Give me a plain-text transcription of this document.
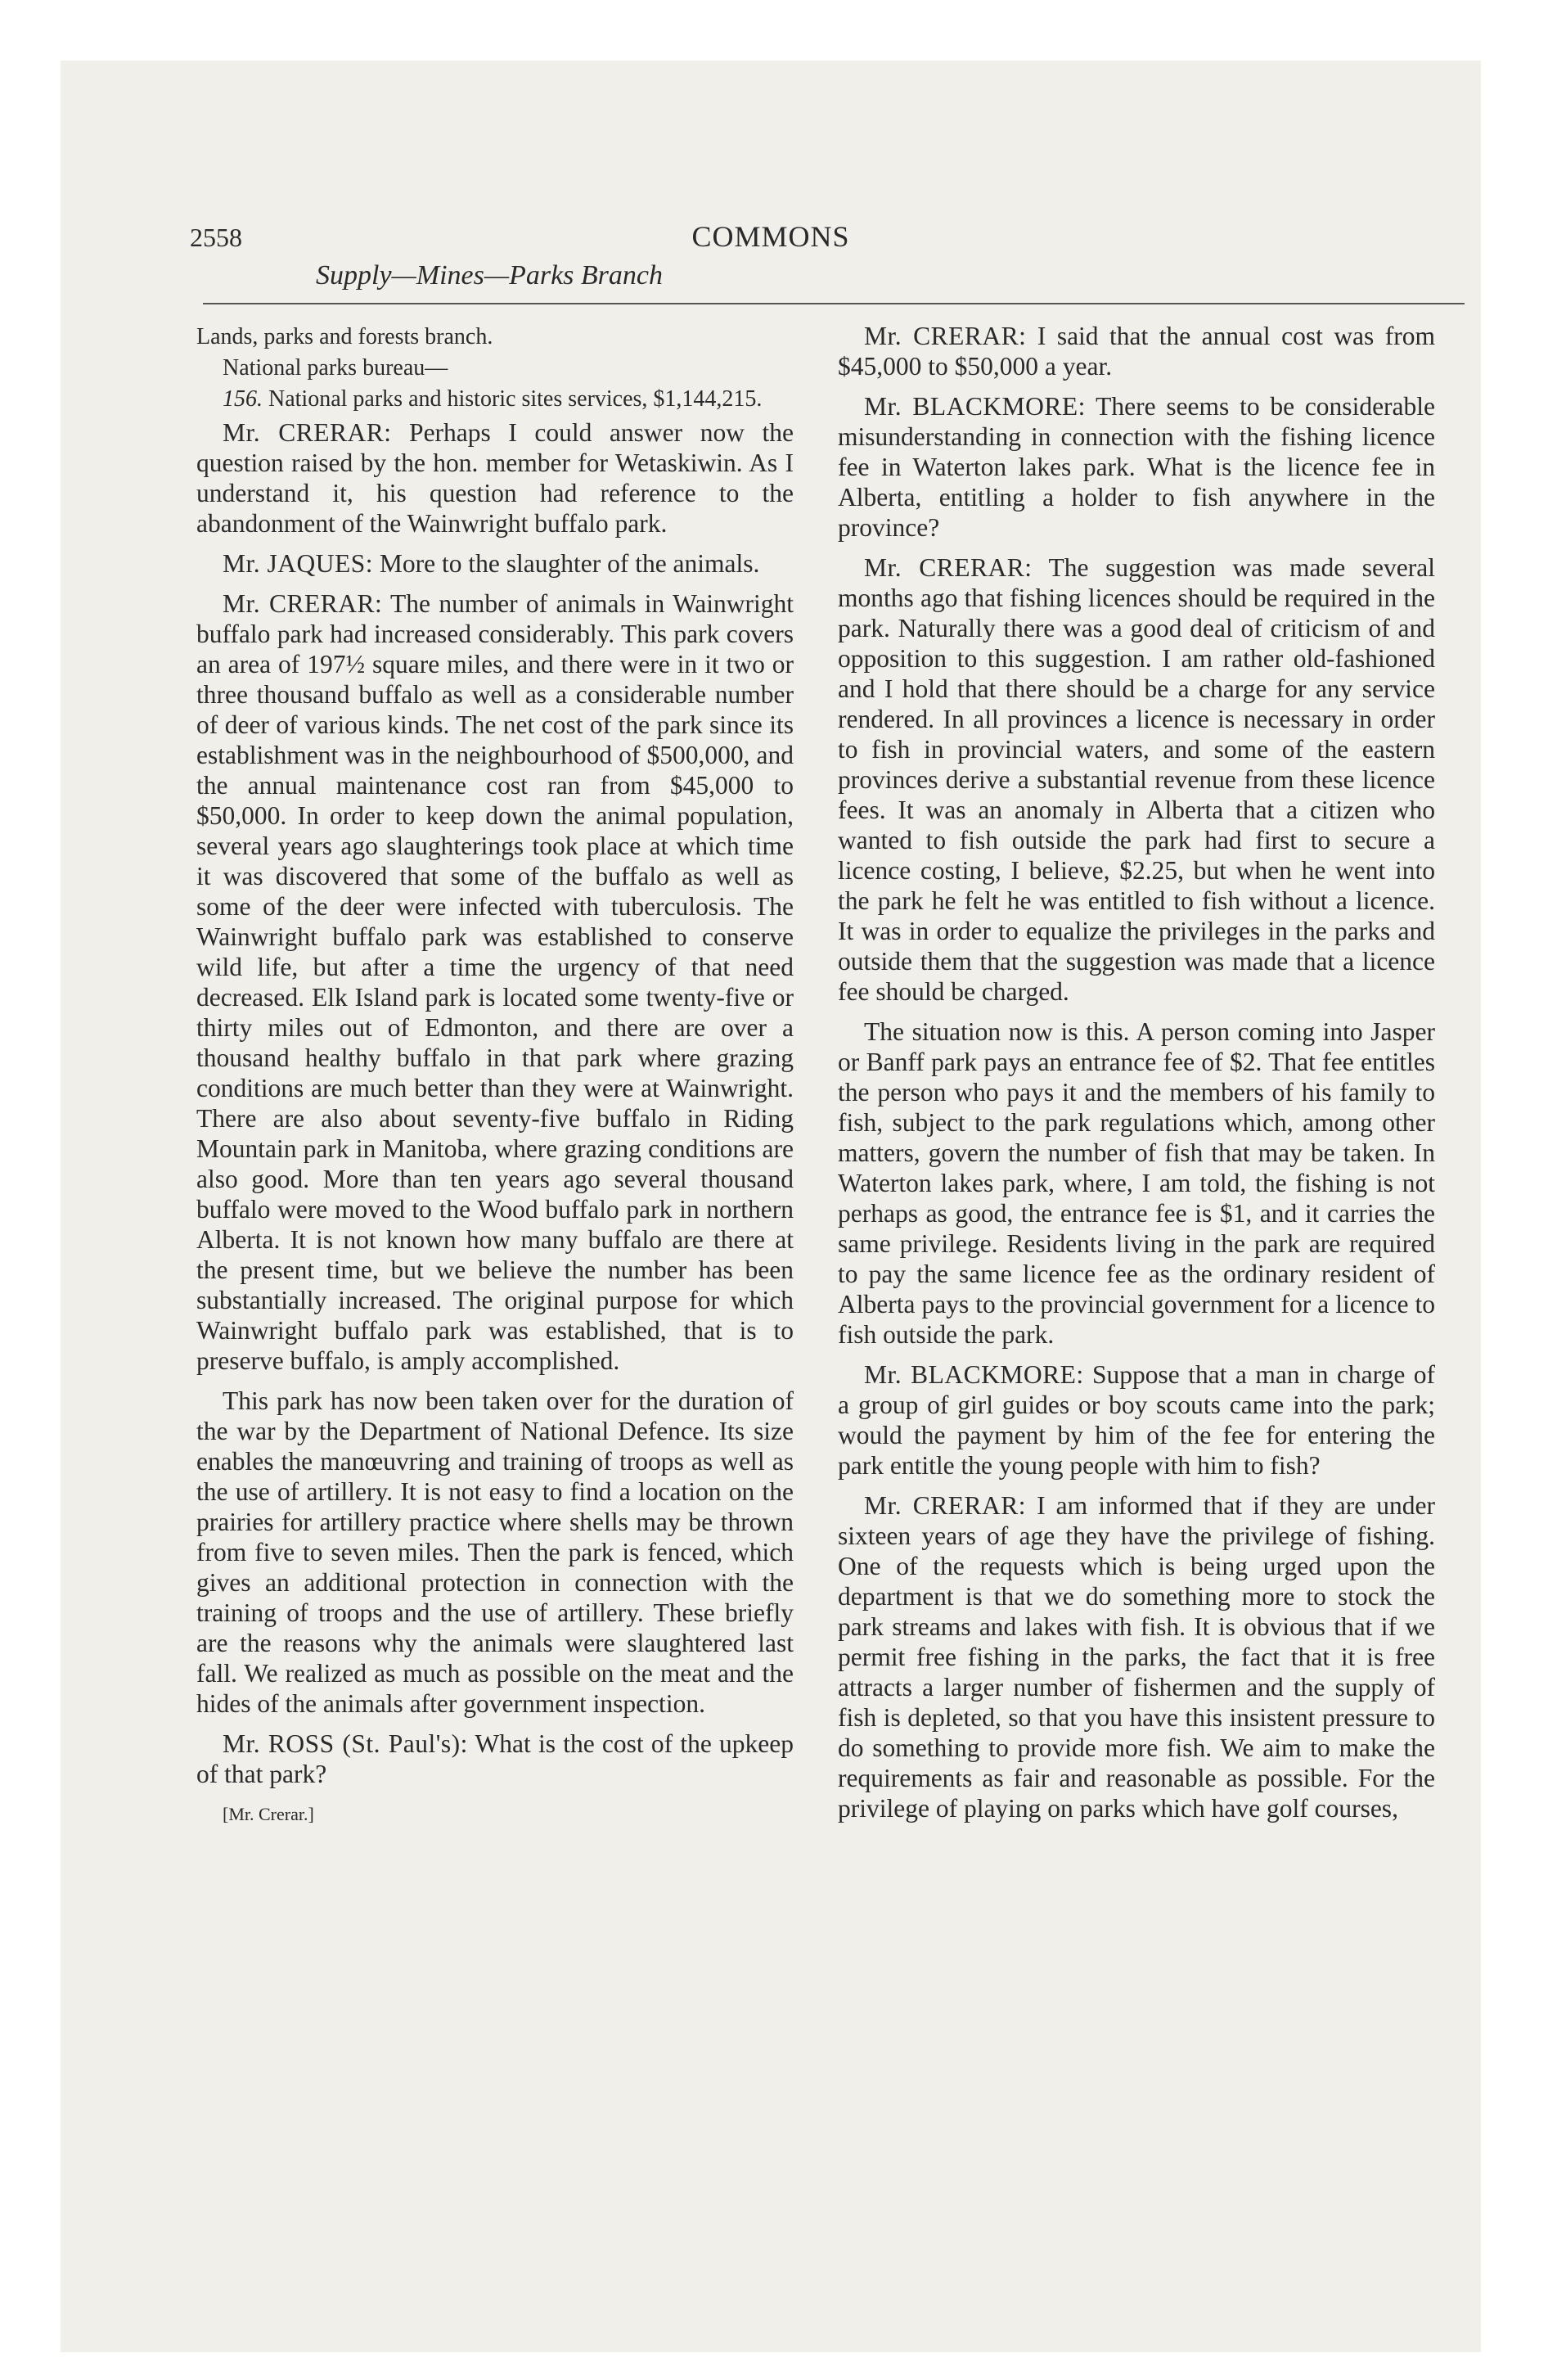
2558	COMMONS
Supply—Mines—Parks Branch

Lands, parks and forests branch.

National parks bureau—

156. National parks and historic sites services, $1,144,215.

Mr. CRERAR: Perhaps I could answer now the question raised by the hon. member for Wetaskiwin. As I understand it, his question had reference to the abandonment of the Wainwright buffalo park.

Mr. JAQUES: More to the slaughter of the animals.

Mr. CRERAR: The number of animals in Wainwright buffalo park had increased considerably. This park covers an area of 197½ square miles, and there were in it two or three thousand buffalo as well as a considerable number of deer of various kinds. The net cost of the park since its establishment was in the neighbourhood of $500,000, and the annual maintenance cost ran from $45,000 to $50,000. In order to keep down the animal population, several years ago slaughterings took place at which time it was discovered that some of the buffalo as well as some of the deer were infected with tuberculosis. The Wainwright buffalo park was established to conserve wild life, but after a time the urgency of that need decreased. Elk Island park is located some twenty-five or thirty miles out of Edmonton, and there are over a thousand healthy buffalo in that park where grazing conditions are much better than they were at Wainwright. There are also about seventy-five buffalo in Riding Mountain park in Manitoba, where grazing conditions are also good. More than ten years ago several thousand buffalo were moved to the Wood buffalo park in northern Alberta. It is not known how many buffalo are there at the present time, but we believe the number has been substantially increased. The original purpose for which Wainwright buffalo park was established, that is to preserve buffalo, is amply accomplished.

This park has now been taken over for the duration of the war by the Department of National Defence. Its size enables the manœuvring and training of troops as well as the use of artillery. It is not easy to find a location on the prairies for artillery practice where shells may be thrown from five to seven miles. Then the park is fenced, which gives an additional protection in connection with the training of troops and the use of artillery. These briefly are the reasons why the animals were slaughtered last fall. We realized as much as possible on the meat and the hides of the animals after government inspection.

Mr. ROSS (St. Paul's): What is the cost of the upkeep of that park?

[Mr. Crerar.]

Mr. CRERAR: I said that the annual cost was from $45,000 to $50,000 a year.

Mr. BLACKMORE: There seems to be considerable misunderstanding in connection with the fishing licence fee in Waterton lakes park. What is the licence fee in Alberta, entitling a holder to fish anywhere in the province?

Mr. CRERAR: The suggestion was made several months ago that fishing licences should be required in the park. Naturally there was a good deal of criticism of and opposition to this suggestion. I am rather old-fashioned and I hold that there should be a charge for any service rendered. In all provinces a licence is necessary in order to fish in provincial waters, and some of the eastern provinces derive a substantial revenue from these licence fees. It was an anomaly in Alberta that a citizen who wanted to fish outside the park had first to secure a licence costing, I believe, $2.25, but when he went into the park he felt he was entitled to fish without a licence. It was in order to equalize the privileges in the parks and outside them that the suggestion was made that a licence fee should be charged.

The situation now is this. A person coming into Jasper or Banff park pays an entrance fee of $2. That fee entitles the person who pays it and the members of his family to fish, subject to the park regulations which, among other matters, govern the number of fish that may be taken. In Waterton lakes park, where, I am told, the fishing is not perhaps as good, the entrance fee is $1, and it carries the same privilege. Residents living in the park are required to pay the same licence fee as the ordinary resident of Alberta pays to the provincial government for a licence to fish outside the park.

Mr. BLACKMORE: Suppose that a man in charge of a group of girl guides or boy scouts came into the park; would the payment by him of the fee for entering the park entitle the young people with him to fish?

Mr. CRERAR: I am informed that if they are under sixteen years of age they have the privilege of fishing. One of the requests which is being urged upon the department is that we do something more to stock the park streams and lakes with fish. It is obvious that if we permit free fishing in the parks, the fact that it is free attracts a larger number of fishermen and the supply of fish is depleted, so that you have this insistent pressure to do something to provide more fish. We aim to make the requirements as fair and reasonable as possible. For the privilege of playing on parks which have golf courses,
